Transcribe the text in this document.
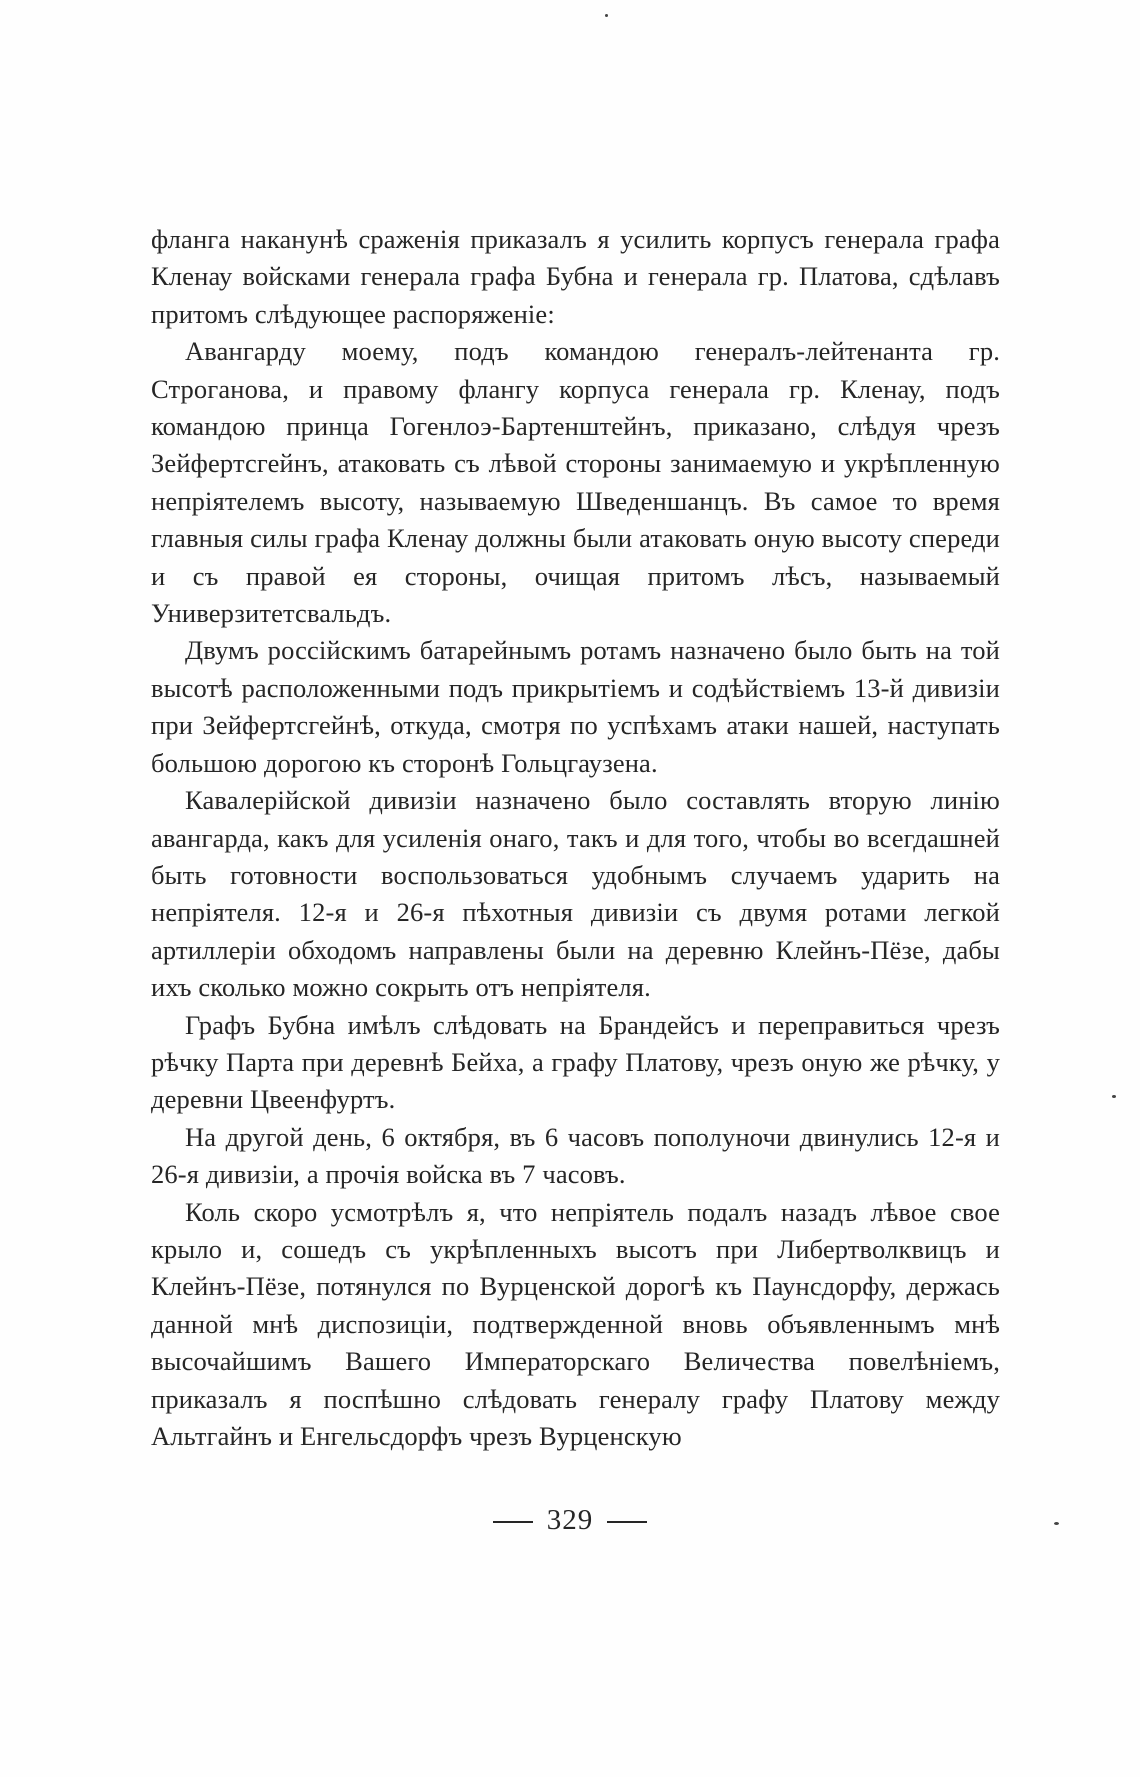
фланга наканунѣ сраженія приказалъ я усилить корпусъ генерала графа Кленау войсками генерала графа Бубна и генерала гр. Платова, сдѣлавъ притомъ слѣдующее распоряженіе:

Авангарду моему, подъ командою генералъ-лейтенанта гр. Строганова, и правому флангу корпуса генерала гр. Кленау, подъ командою принца Гогенлоэ-Бартенштейнъ, приказано, слѣдуя чрезъ Зейфертсгейнъ, атаковать съ лѣвой стороны занимаемую и укрѣпленную непріятелемъ высоту, называемую Шведеншанцъ. Въ самое то время главныя силы графа Кленау должны были атаковать оную высоту спереди и съ правой ея стороны, очищая притомъ лѣсъ, называемый Универзитетсвальдъ.

Двумъ россійскимъ батарейнымъ ротамъ назначено было быть на той высотѣ расположенными подъ прикрытіемъ и содѣйствіемъ 13-й дивизіи при Зейфертсгейнѣ, откуда, смотря по успѣхамъ атаки нашей, наступать большою дорогою къ сторонѣ Гольцгаузена.

Кавалерійской дивизіи назначено было составлять вторую линію авангарда, какъ для усиленія онаго, такъ и для того, чтобы во всегдашней быть готовности воспользоваться удобнымъ случаемъ ударить на непріятеля. 12-я и 26-я пѣхотныя дивизіи съ двумя ротами легкой артиллеріи обходомъ направлены были на деревню Клейнъ-Пёзе, дабы ихъ сколько можно сокрыть отъ непріятеля.

Графъ Бубна имѣлъ слѣдовать на Брандейсъ и переправиться чрезъ рѣчку Парта при деревнѣ Бейха, а графу Платову, чрезъ оную же рѣчку, у деревни Цвеенфуртъ.

На другой день, 6 октября, въ 6 часовъ пополуночи двинулись 12-я и 26-я дивизіи, а прочія войска въ 7 часовъ.

Коль скоро усмотрѣлъ я, что непріятель подалъ назадъ лѣвое свое крыло и, сошедъ съ укрѣпленныхъ высотъ при Либертволквицъ и Клейнъ-Пёзе, потянулся по Вурценской дорогѣ къ Паунсдорфу, держась данной мнѣ диспозиціи, подтвержденной вновь объявленнымъ мнѣ высочайшимъ Вашего Императорскаго Величества повелѣніемъ, приказалъ я поспѣшно слѣдовать генералу графу Платову между Альтгайнъ и Енгельсдорфъ чрезъ Вурценскую

329
